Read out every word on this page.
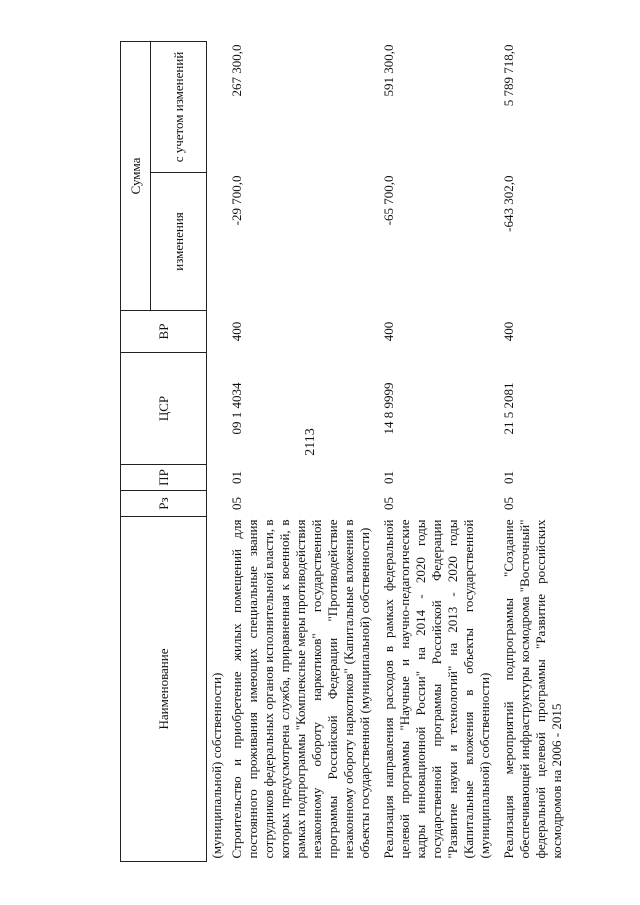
2113
Наименование	Рз	ПР	ЦСР	ВР	Сумма	
					изменения	с учетом изменений
(муниципальной) собственности)						
Строительство и приобретение жилых помещений для постоянного проживания имеющих специальные звания сотрудников федеральных органов исполнительной власти, в которых предусмотрена служба, приравненная к военной, в рамках подпрограммы "Комплексные меры противодействия незаконному обороту наркотиков" государственной программы Российской Федерации "Противодействие незаконному обороту наркотиков" (Капитальные вложения в объекты государственной (муниципальной) собственности)	05	01	09 1 4034	400	-29 700,0	267 300,0
Реализация направления расходов в рамках федеральной целевой программы "Научные и научно-педагогические кадры инновационной России" на 2014 - 2020 годы государственной программы Российской Федерации "Развитие науки и технологий" на 2013 - 2020 годы (Капитальные вложения в объекты государственной (муниципальной) собственности)	05	01	14 8 9999	400	-65 700,0	591 300,0
Реализация мероприятий подпрограммы "Создание обеспечивающей инфраструктуры космодрома "Восточный" федеральной целевой программы "Развитие российских космодромов на 2006 - 2015	05	01	21 5 2081	400	-643 302,0	5 789 718,0
